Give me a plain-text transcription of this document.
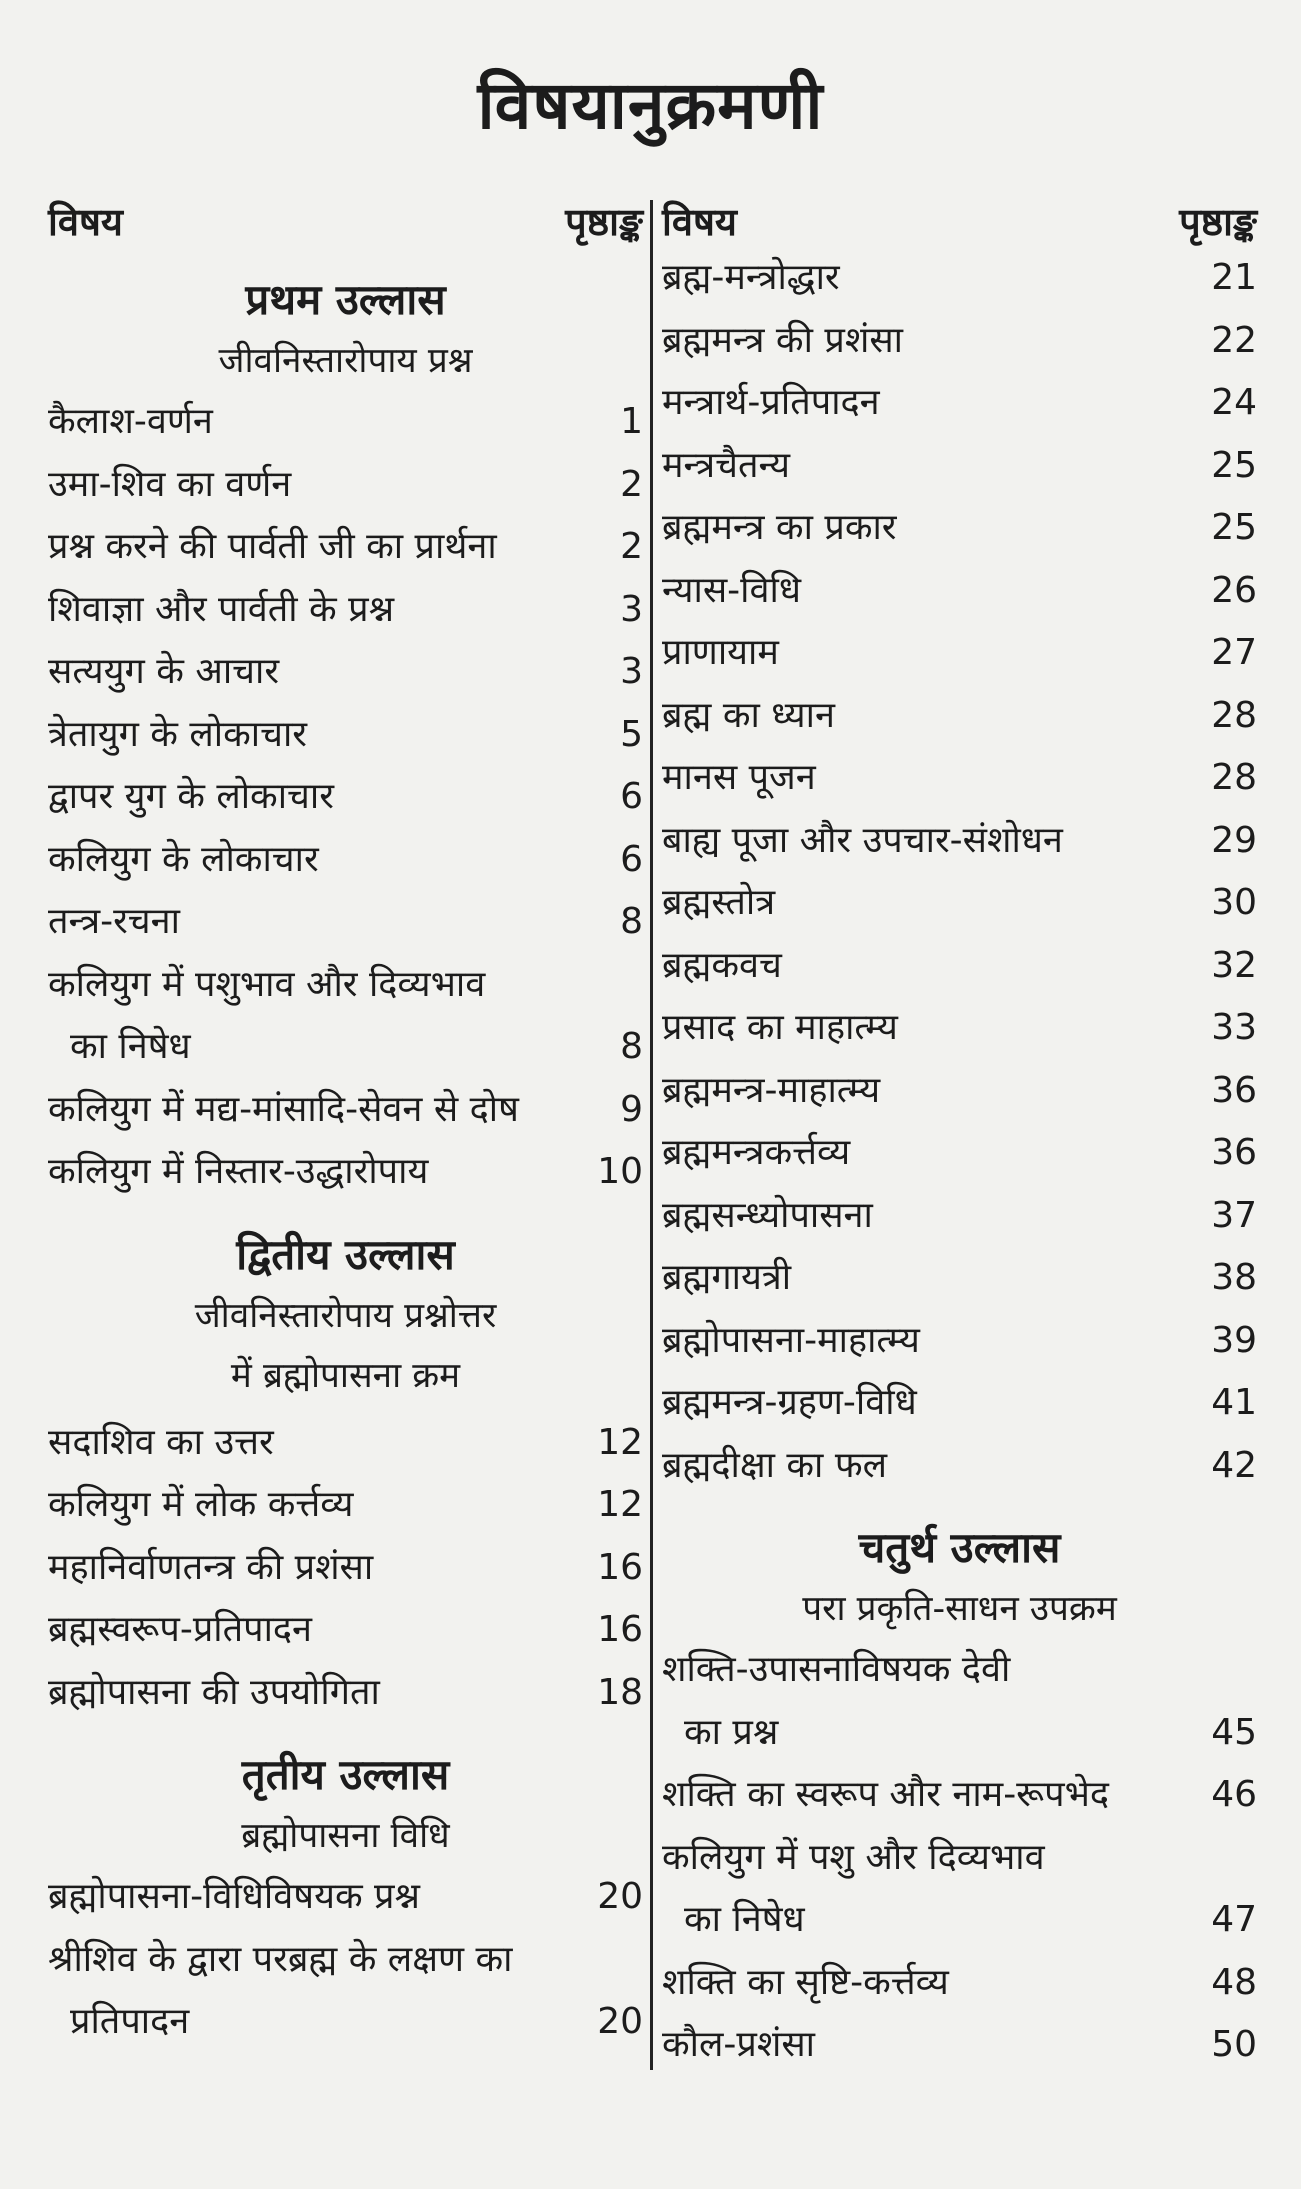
विषयानुक्रमणी
विषय	पृष्ठाङ्क
प्रथम उल्लास
जीवनिस्तारोपाय प्रश्न
कैलाश-वर्णन	1
उमा-शिव का वर्णन	2
प्रश्न करने की पार्वती जी का प्रार्थना	2
शिवाज्ञा और पार्वती के प्रश्न	3
सत्ययुग के आचार	3
त्रेतायुग के लोकाचार	5
द्वापर युग के लोकाचार	6
कलियुग के लोकाचार	6
तन्त्र-रचना	8
कलियुग में पशुभाव और दिव्यभाव
का निषेध	8
कलियुग में मद्य-मांसादि-सेवन से दोष	9
कलियुग में निस्तार-उद्धारोपाय	10
द्वितीय उल्लास
जीवनिस्तारोपाय प्रश्नोत्तर
में ब्रह्मोपासना क्रम
सदाशिव का उत्तर	12
कलियुग में लोक कर्त्तव्य	12
महानिर्वाणतन्त्र की प्रशंसा	16
ब्रह्मस्वरूप-प्रतिपादन	16
ब्रह्मोपासना की उपयोगिता	18
तृतीय उल्लास
ब्रह्मोपासना विधि
ब्रह्मोपासना-विधिविषयक प्रश्न	20
श्रीशिव के द्वारा परब्रह्म के लक्षण का
प्रतिपादन	20
विषय	पृष्ठाङ्क
ब्रह्म-मन्त्रोद्धार	21
ब्रह्ममन्त्र की प्रशंसा	22
मन्त्रार्थ-प्रतिपादन	24
मन्त्रचैतन्य	25
ब्रह्ममन्त्र का प्रकार	25
न्यास-विधि	26
प्राणायाम	27
ब्रह्म का ध्यान	28
मानस पूजन	28
बाह्य पूजा और उपचार-संशोधन	29
ब्रह्मस्तोत्र	30
ब्रह्मकवच	32
प्रसाद का माहात्म्य	33
ब्रह्ममन्त्र-माहात्म्य	36
ब्रह्ममन्त्रकर्त्तव्य	36
ब्रह्मसन्ध्योपासना	37
ब्रह्मगायत्री	38
ब्रह्मोपासना-माहात्म्य	39
ब्रह्ममन्त्र-ग्रहण-विधि	41
ब्रह्मदीक्षा का फल	42
चतुर्थ उल्लास
परा प्रकृति-साधन उपक्रम
शक्ति-उपासनाविषयक देवी
का प्रश्न	45
शक्ति का स्वरूप और नाम-रूपभेद	46
कलियुग में पशु और दिव्यभाव
का निषेध	47
शक्ति का सृष्टि-कर्त्तव्य	48
कौल-प्रशंसा	50
